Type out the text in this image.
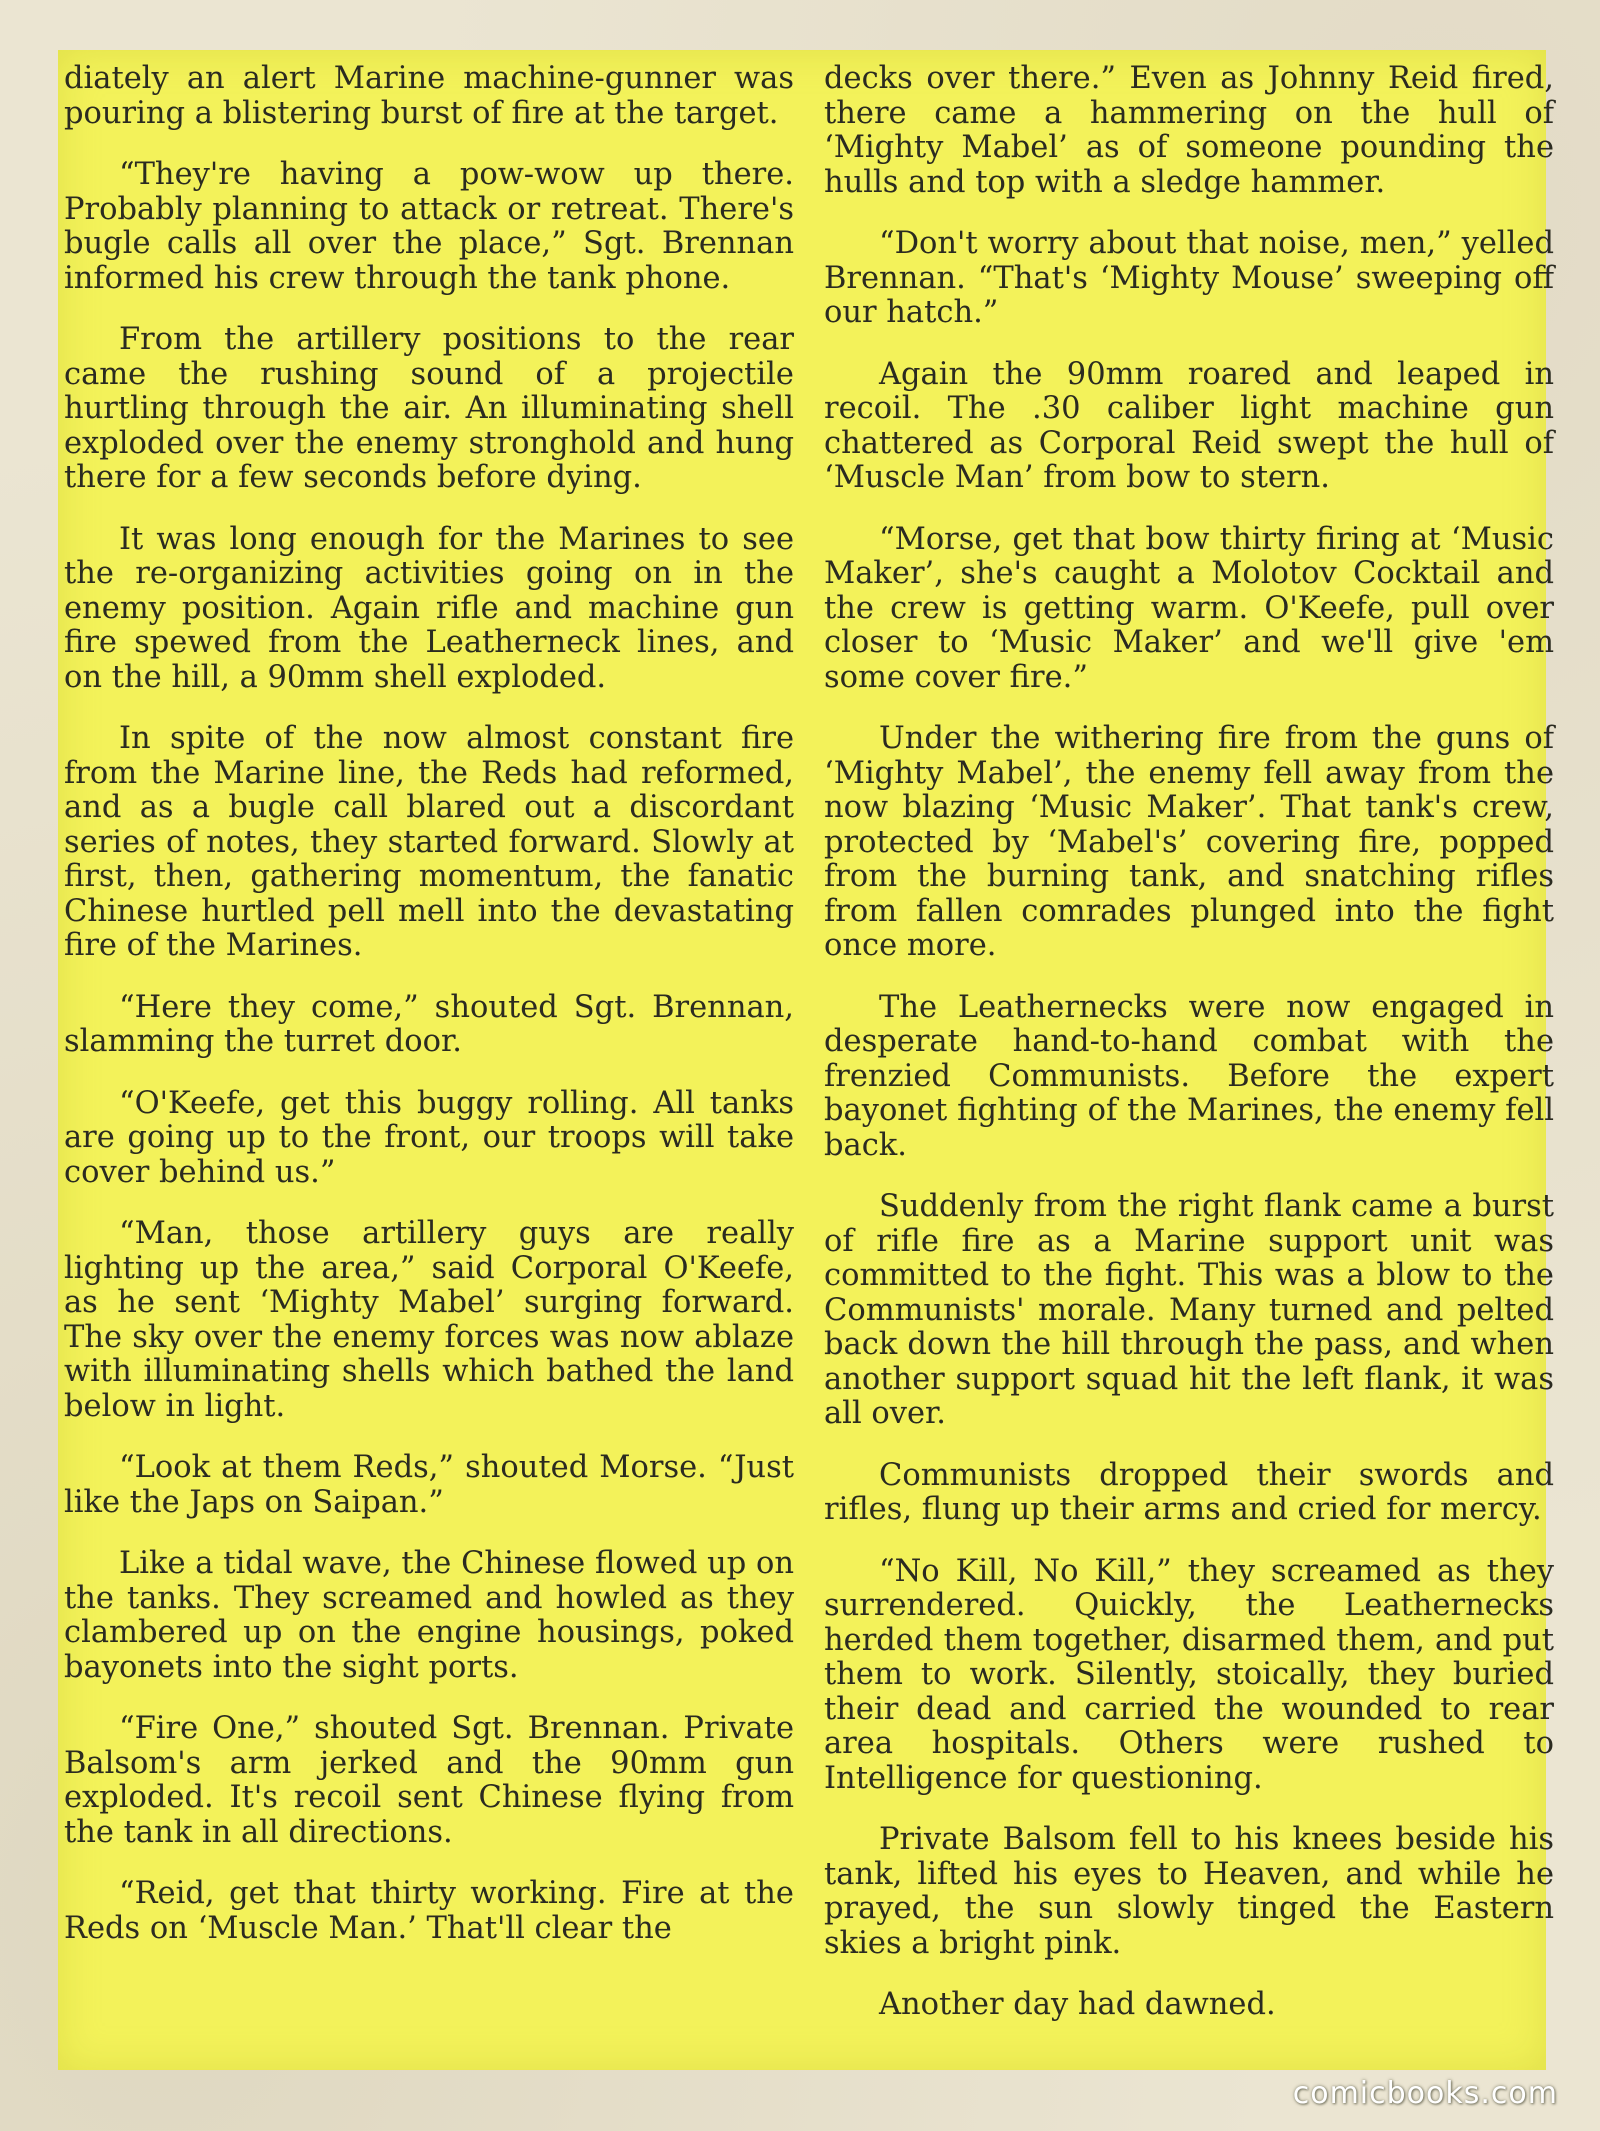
diately an alert Marine machine-gunner was pouring a blistering burst of fire at the target.

“They're having a pow-wow up there. Probably planning to attack or retreat. There's bugle calls all over the place,” Sgt. Brennan informed his crew through the tank phone.

From the artillery positions to the rear came the rushing sound of a projectile hurtling through the air. An illuminating shell exploded over the enemy stronghold and hung there for a few seconds before dying.

It was long enough for the Marines to see the re-organizing activities going on in the enemy position. Again rifle and machine gun fire spewed from the Leatherneck lines, and on the hill, a 90mm shell exploded.

In spite of the now almost constant fire from the Marine line, the Reds had reformed, and as a bugle call blared out a discordant series of notes, they started forward. Slowly at first, then, gathering momentum, the fanatic Chinese hurtled pell mell into the devastating fire of the Marines.

“Here they come,” shouted Sgt. Brennan, slamming the turret door.

“O'Keefe, get this buggy rolling. All tanks are going up to the front, our troops will take cover behind us.”

“Man, those artillery guys are really lighting up the area,” said Corporal O'Keefe, as he sent ‘Mighty Mabel’ surging forward. The sky over the enemy forces was now ablaze with illuminating shells which bathed the land below in light.

“Look at them Reds,” shouted Morse. “Just like the Japs on Saipan.”

Like a tidal wave, the Chinese flowed up on the tanks. They screamed and howled as they clambered up on the engine housings, poked bayonets into the sight ports.

“Fire One,” shouted Sgt. Brennan. Private Balsom's arm jerked and the 90mm gun exploded. It's recoil sent Chinese flying from the tank in all directions.

“Reid, get that thirty working. Fire at the Reds on ‘Muscle Man.’ That'll clear the

decks over there.” Even as Johnny Reid fired, there came a hammering on the hull of ‘Mighty Mabel’ as of someone pounding the hulls and top with a sledge hammer.

“Don't worry about that noise, men,” yelled Brennan. “That's ‘Mighty Mouse’ sweeping off our hatch.”

Again the 90mm roared and leaped in recoil. The .30 caliber light machine gun chattered as Corporal Reid swept the hull of ‘Muscle Man’ from bow to stern.

“Morse, get that bow thirty firing at ‘Music Maker’, she's caught a Molotov Cocktail and the crew is getting warm. O'Keefe, pull over closer to ‘Music Maker’ and we'll give 'em some cover fire.”

Under the withering fire from the guns of ‘Mighty Mabel’, the enemy fell away from the now blazing ‘Music Maker’. That tank's crew, protected by ‘Mabel's’ covering fire, popped from the burning tank, and snatching rifles from fallen comrades plunged into the fight once more.

The Leathernecks were now engaged in desperate hand-to-hand combat with the frenzied Communists. Before the expert bayonet fighting of the Marines, the enemy fell back.

Suddenly from the right flank came a burst of rifle fire as a Marine support unit was committed to the fight. This was a blow to the Communists' morale. Many turned and pelted back down the hill through the pass, and when another support squad hit the left flank, it was all over.

Communists dropped their swords and rifles, flung up their arms and cried for mercy.

“No Kill, No Kill,” they screamed as they surrendered. Quickly, the Leathernecks herded them together, disarmed them, and put them to work. Silently, stoically, they buried their dead and carried the wounded to rear area hospitals. Others were rushed to Intelligence for questioning.

Private Balsom fell to his knees beside his tank, lifted his eyes to Heaven, and while he prayed, the sun slowly tinged the Eastern skies a bright pink.

Another day had dawned.

comicbooks.com
